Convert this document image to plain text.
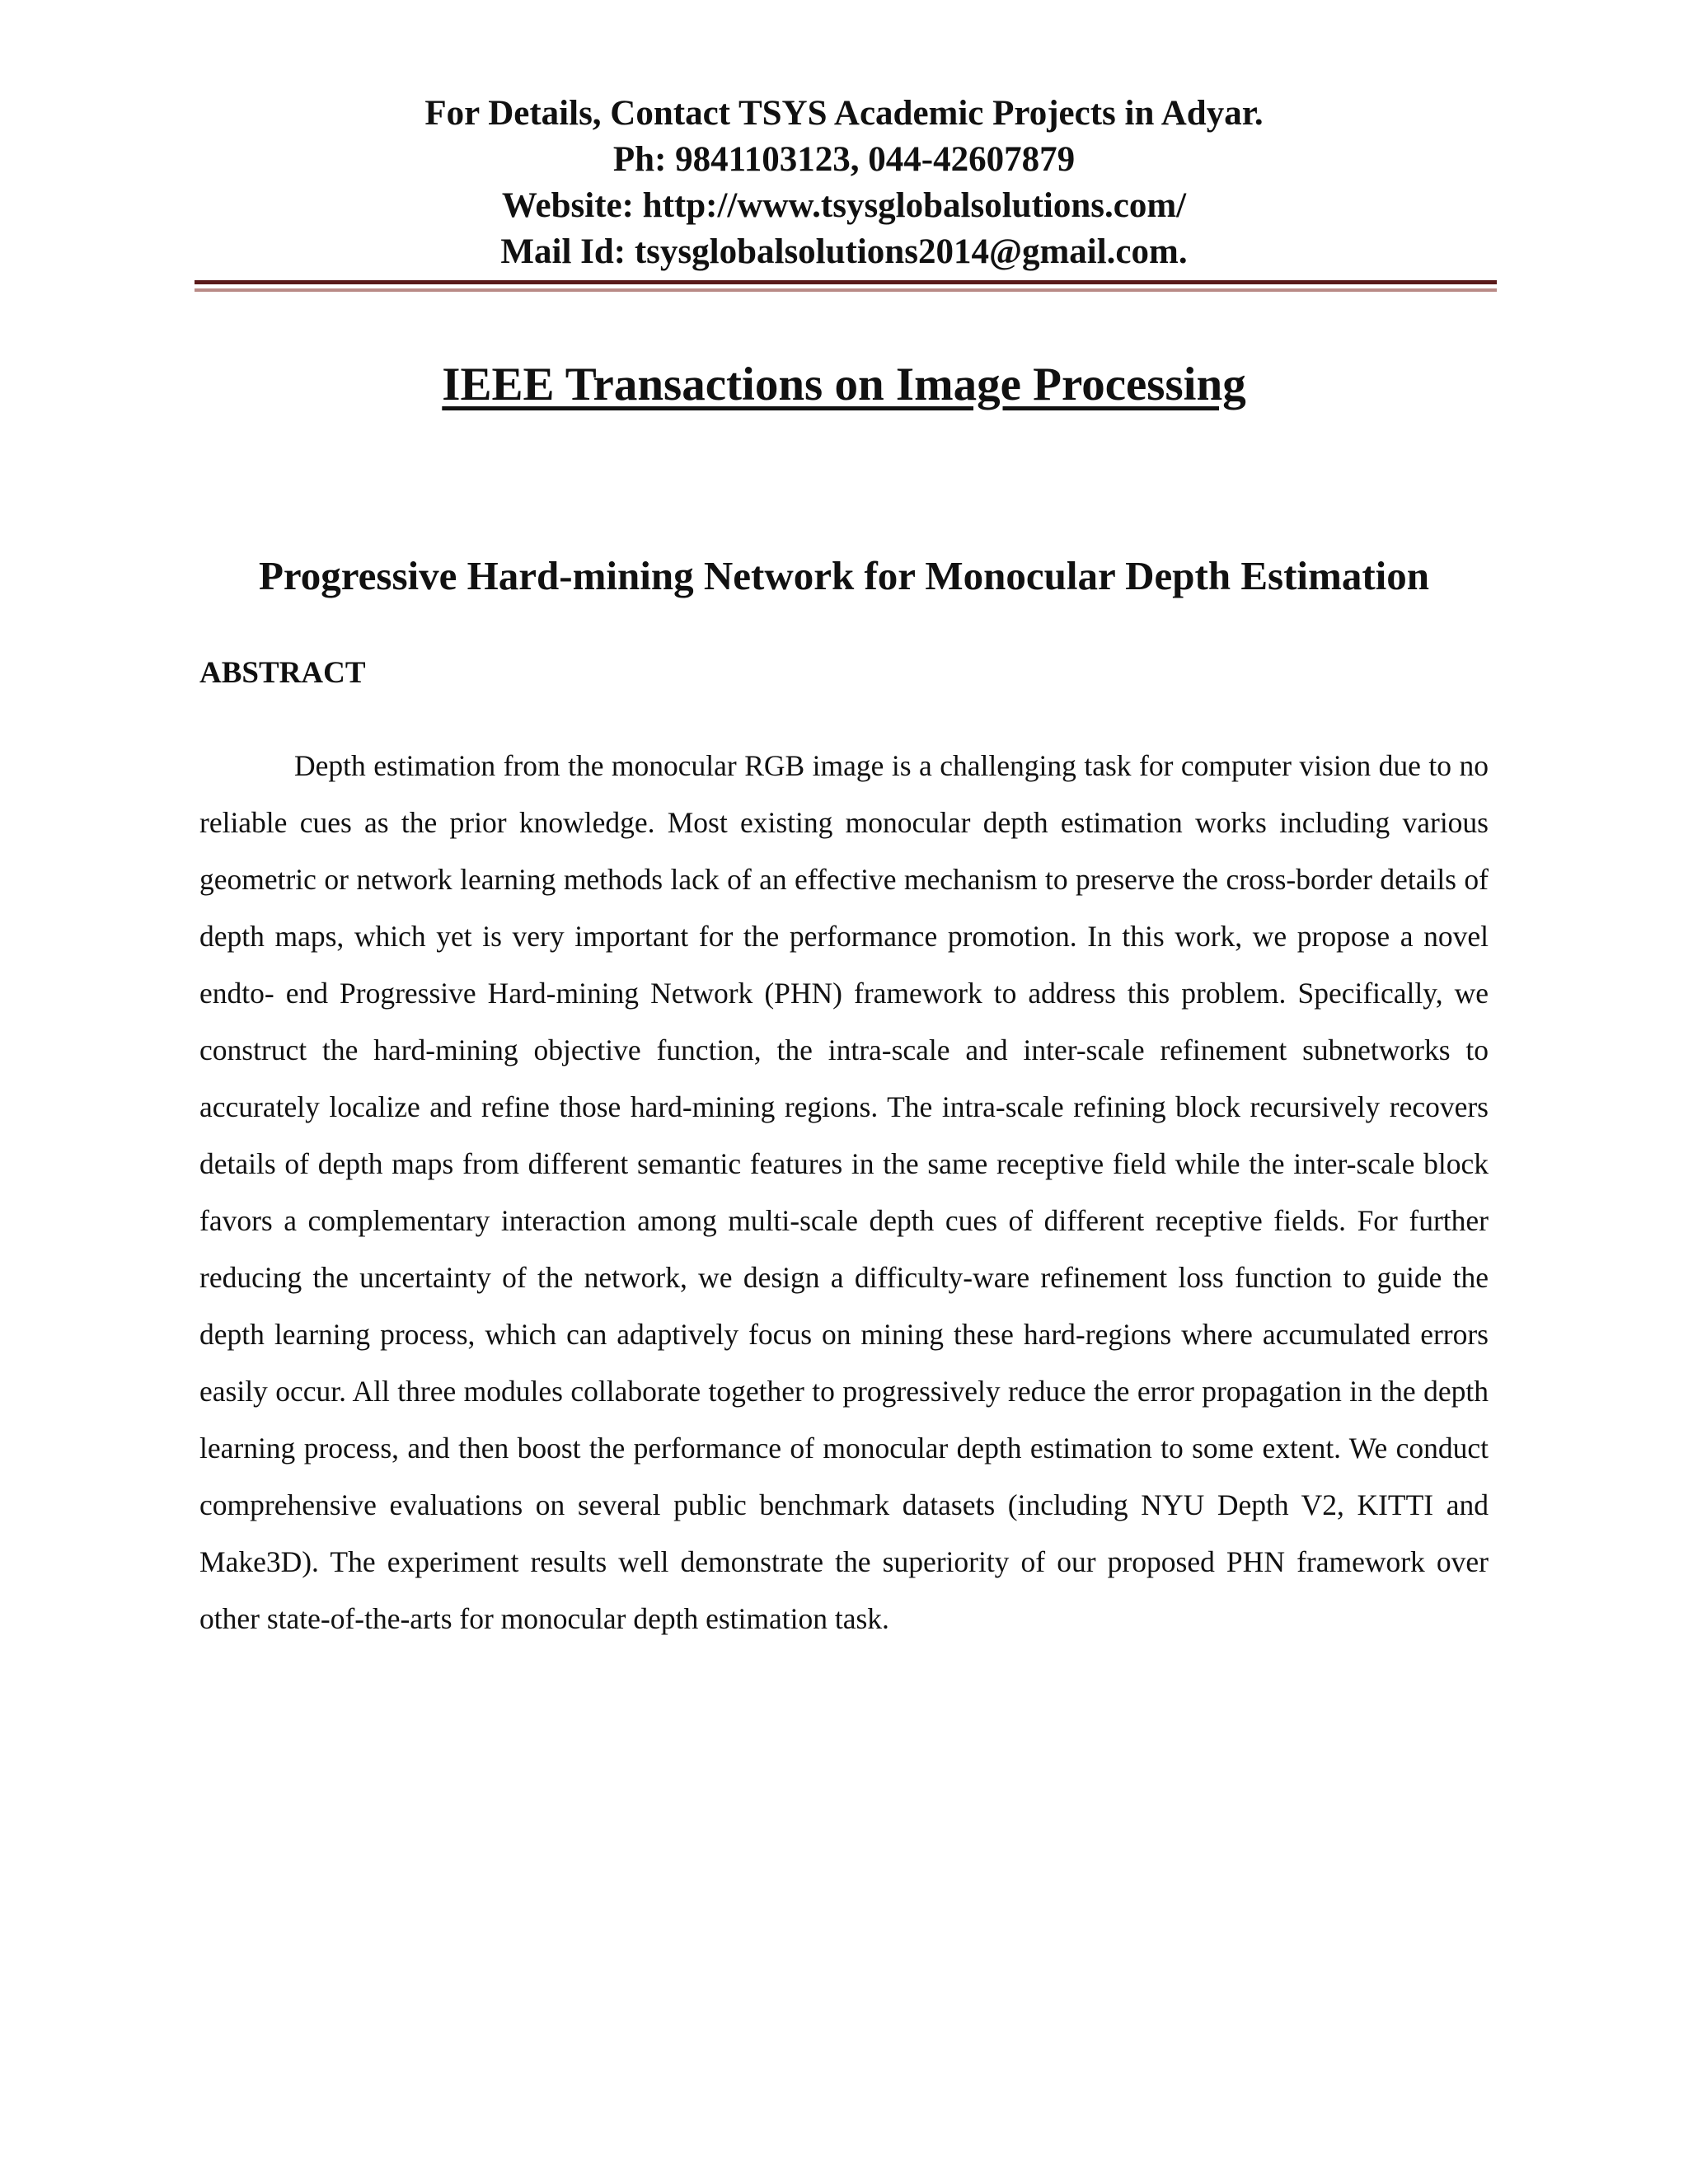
For Details, Contact TSYS Academic Projects in Adyar.
Ph: 9841103123, 044-42607879
Website: http://www.tsysglobalsolutions.com/
Mail Id: tsysglobalsolutions2014@gmail.com.
IEEE Transactions on Image Processing
Progressive Hard-mining Network for Monocular Depth Estimation
ABSTRACT

Depth estimation from the monocular RGB image is a challenging task for computer vision due to no reliable cues as the prior knowledge. Most existing monocular depth estimation works including various geometric or network learning methods lack of an effective mechanism to preserve the cross-border details of depth maps, which yet is very important for the performance promotion. In this work, we propose a novel endto- end Progressive Hard-mining Network (PHN) framework to address this problem. Specifically, we construct the hard-mining objective function, the intra-scale and inter-scale refinement subnetworks to accurately localize and refine those hard-mining regions. The intra-scale refining block recursively recovers details of depth maps from different semantic features in the same receptive field while the inter-scale block favors a complementary interaction among multi-scale depth cues of different receptive fields. For further reducing the uncertainty of the network, we design a difficulty-ware refinement loss function to guide the depth learning process, which can adaptively focus on mining these hard-regions where accumulated errors easily occur. All three modules collaborate together to progressively reduce the error propagation in the depth learning process, and then boost the performance of monocular depth estimation to some extent. We conduct comprehensive evaluations on several public benchmark datasets (including NYU Depth V2, KITTI and Make3D). The experiment results well demonstrate the superiority of our proposed PHN framework over other state-of-the-arts for monocular depth estimation task.
